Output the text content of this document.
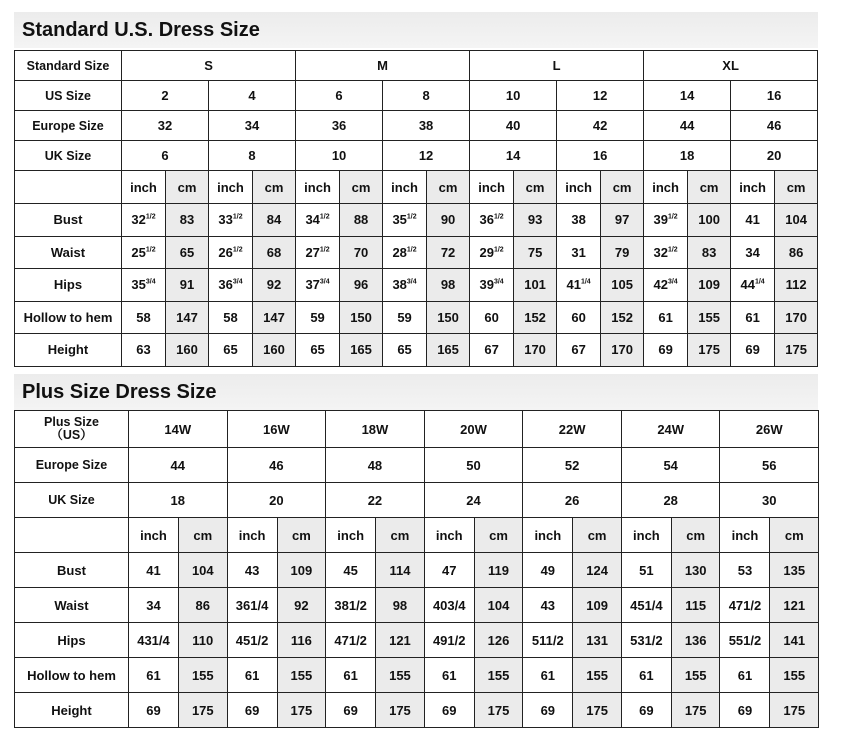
Standard U.S. Dress Size
Standard Size	S				M				L				XL			
US Size	2		4		6		8		10		12		14		16	
Europe Size	32		34		36		38		40		42		44		46	
UK Size	6		8		10		12		14		16		18		20	
	inch	cm	inch	cm	inch	cm	inch	cm	inch	cm	inch	cm	inch	cm	inch	cm
Bust	$32^{1/2}$	83	$33^{1/2}$	84	$34^{1/2}$	88	$35^{1/2}$	90	$36^{1/2}$	93	38	97	$39^{1/2}$	100	41	104
Waist	$25^{1/2}$	65	$26^{1/2}$	68	$27^{1/2}$	70	$28^{1/2}$	72	$29^{1/2}$	75	31	79	$32^{1/2}$	83	34	86
Hips	$35^{3/4}$	91	$36^{3/4}$	92	$37^{3/4}$	96	$38^{3/4}$	98	$39^{3/4}$	101	$41^{1/4}$	105	$42^{3/4}$	109	$44^{1/4}$	112
Hollow to hem	58	147	58	147	59	150	59	150	60	152	60	152	61	155	61	170
Height	63	160	65	160	65	165	65	165	67	170	67	170	69	175	69	175
Plus Size Dress Size
Plus Size
（US）	14W		16W		18W		20W		22W		24W		26W	
Europe Size	44		46		48		50		52		54		56	
UK Size	18		20		22		24		26		28		30	
	inch	cm	inch	cm	inch	cm	inch	cm	inch	cm	inch	cm	inch	cm
Bust	41	104	43	109	45	114	47	119	49	124	51	130	53	135
Waist	34	86	361/4	92	381/2	98	403/4	104	43	109	451/4	115	471/2	121
Hips	431/4	110	451/2	116	471/2	121	491/2	126	511/2	131	531/2	136	551/2	141
Hollow to hem	61	155	61	155	61	155	61	155	61	155	61	155	61	155
Height	69	175	69	175	69	175	69	175	69	175	69	175	69	175
